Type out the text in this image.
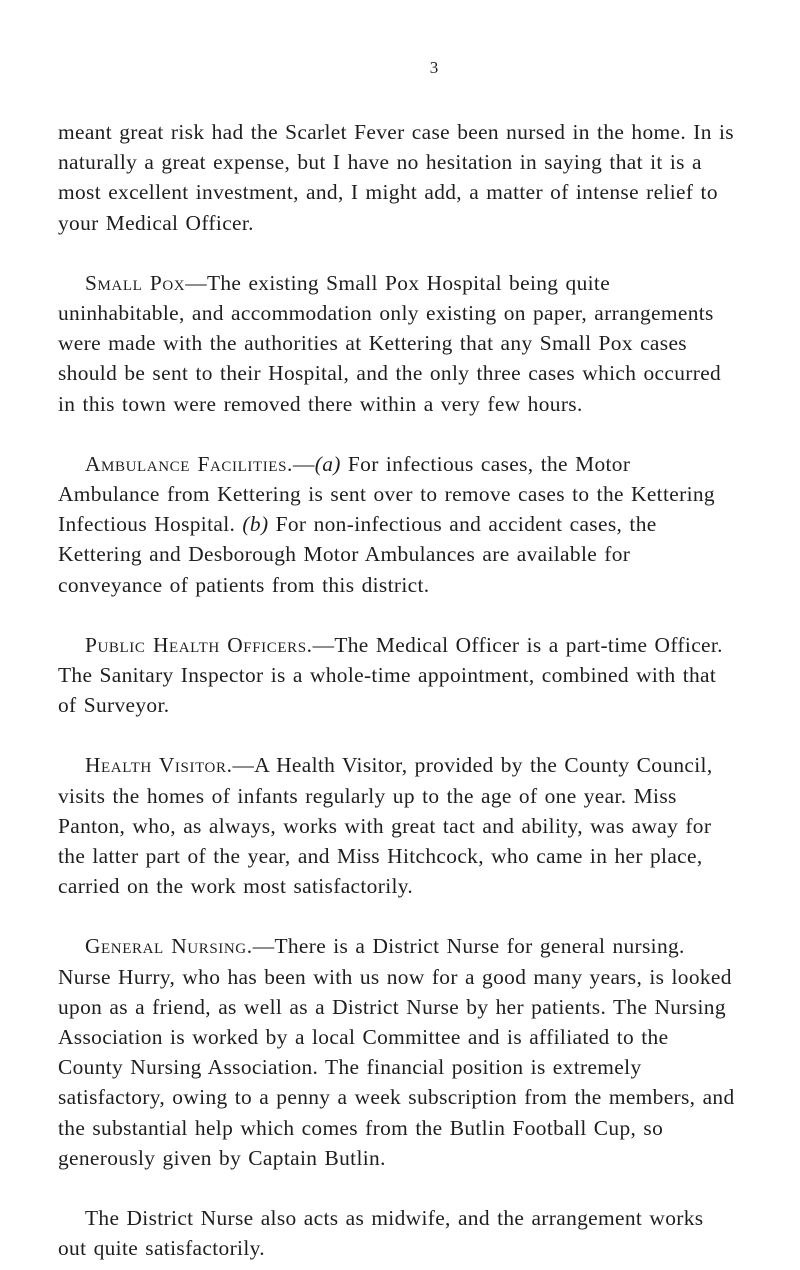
3

meant great risk had the Scarlet Fever case been nursed in the home. In is naturally a great expense, but I have no hesitation in saying that it is a most excellent investment, and, I might add, a matter of intense relief to your Medical Officer.

Small Pox—The existing Small Pox Hospital being quite uninhabitable, and accommodation only existing on paper, arrangements were made with the authorities at Kettering that any Small Pox cases should be sent to their Hospital, and the only three cases which occurred in this town were removed there within a very few hours.

Ambulance Facilities.—(a) For infectious cases, the Motor Ambulance from Kettering is sent over to remove cases to the Kettering Infectious Hospital. (b) For non-infectious and accident cases, the Kettering and Desborough Motor Ambulances are available for conveyance of patients from this district.

Public Health Officers.—The Medical Officer is a part-time Officer. The Sanitary Inspector is a whole-time appointment, combined with that of Surveyor.

Health Visitor.—A Health Visitor, provided by the County Council, visits the homes of infants regularly up to the age of one year. Miss Panton, who, as always, works with great tact and ability, was away for the latter part of the year, and Miss Hitchcock, who came in her place, carried on the work most satisfactorily.

General Nursing.—There is a District Nurse for general nursing. Nurse Hurry, who has been with us now for a good many years, is looked upon as a friend, as well as a District Nurse by her patients. The Nursing Association is worked by a local Committee and is affiliated to the County Nursing Association. The financial position is extremely satisfactory, owing to a penny a week subscription from the members, and the substantial help which comes from the Butlin Football Cup, so generously given by Captain Butlin.

The District Nurse also acts as midwife, and the arrangement works out quite satisfactorily.
